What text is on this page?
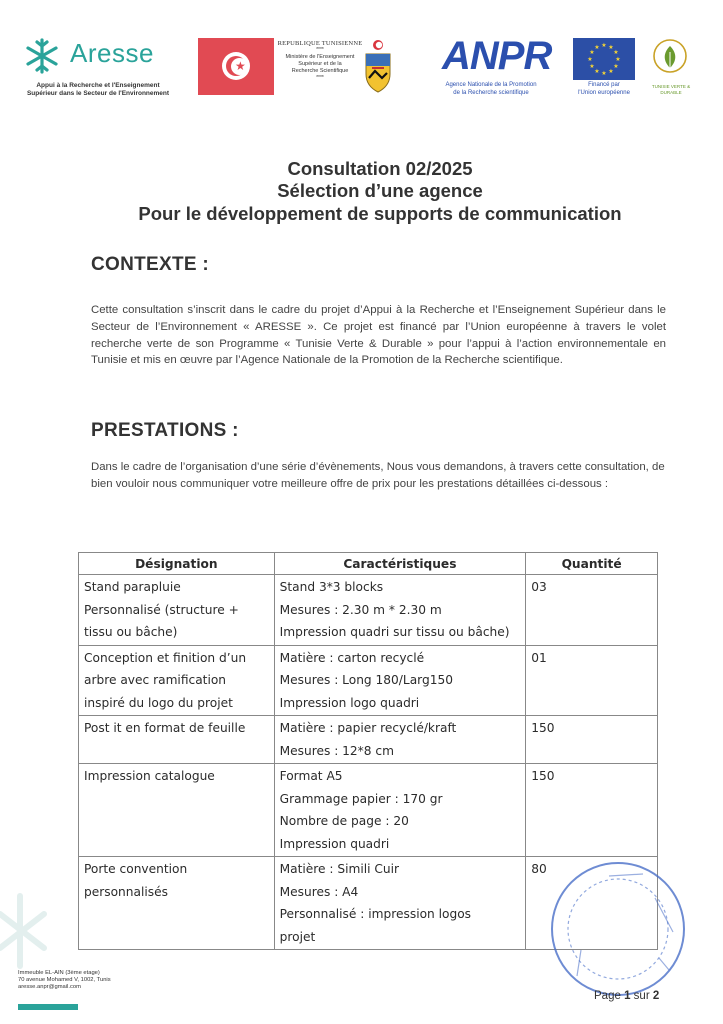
Aresse
Appui à la Recherche et l'Enseignement
Supérieur dans le Secteur de l'Environnement
★
REPUBLIQUE TUNISIENNE
****
Ministère de l'Enseignement
Supérieur et de la
Recherche Scientifique
****	ANPR
Agence Nationale de la Promotion
de la Recherche scientifique
★ ★
★
★
★
★
★
★
★
★
★
★
Financé par
l'Union européenne
TUNISIE VERTE & DURABLE
Consultation 02/2025
Sélection d’une agence
Pour le développement de supports de communication
CONTEXTE :

Cette consultation s’inscrit dans le cadre du projet d’Appui à la Recherche et l’Enseignement Supérieur dans le Secteur de l’Environnement « ARESSE ». Ce projet est financé par l’Union européenne à travers le volet recherche verte de son Programme « Tunisie Verte & Durable » pour l’appui à l’action environnementale en Tunisie et mis en œuvre par l’Agence Nationale de la Promotion de la Recherche scientifique.

PRESTATIONS :

Dans le cadre de l’organisation d’une série d’évènements, Nous vous demandons, à travers cette consultation, de bien vouloir nous communiquer votre meilleure offre de prix pour les prestations détaillées ci-dessous :

Désignation	Caractéristiques	Quantité

Stand parapluie
Personnalisé (structure +
tissu ou bâche)	Stand 3*3 blocks
Mesures : 2.30 m * 2.30 m
Impression quadri sur tissu ou bâche)	03

Conception et finition d’un
arbre avec ramification
inspiré du logo du projet	Matière : carton recyclé
Mesures : Long 180/Larg150
Impression logo quadri	01

Post it en format de feuille	Matière : papier recyclé/kraft
Mesures : 12*8 cm	150

Impression catalogue	Format A5
Grammage papier : 170 gr
Nombre de page : 20
Impression quadri	150

Porte convention
personnalisés	Matière : Simili Cuir
Mesures : A4
Personnalisé : impression logos
projet	80
Immeuble EL-AIN (3ème etage)
70 avenue Mohamed V, 1002, Tunis
aresse.anpr@gmail.com
Page 1 sur 2
